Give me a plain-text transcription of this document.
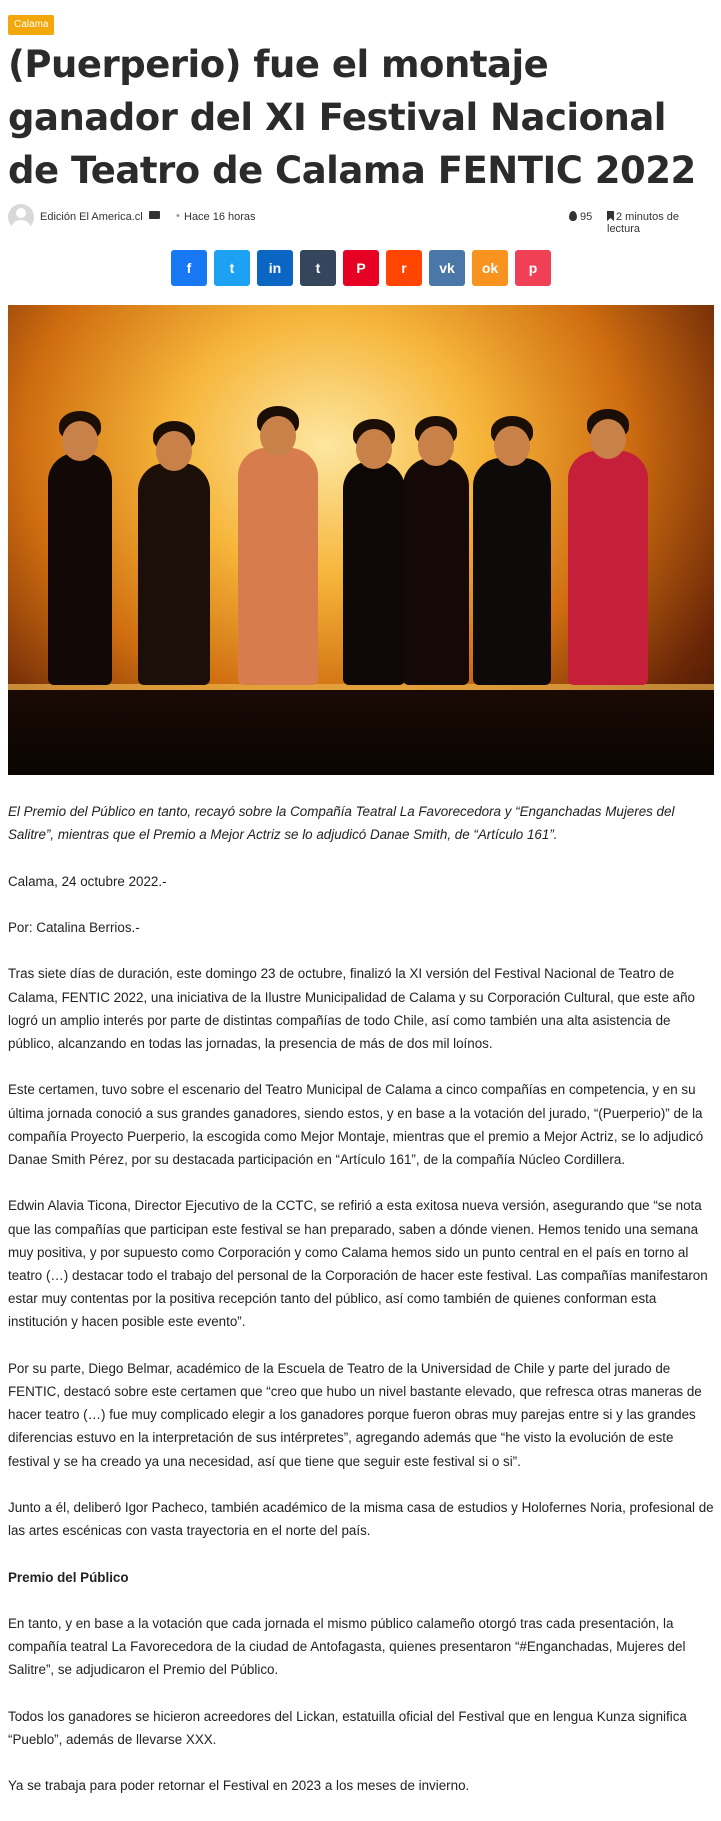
Calama
(Puerperio) fue el montaje ganador del XI Festival Nacional de Teatro de Calama FENTIC 2022
Edición El America.cl	• Hace 16 horas	95	2 minutos de lectura
f	t in t	P	r vk ok p

El Premio del Público en tanto, recayó sobre la Compañía Teatral La Favorecedora y “Enganchadas Mujeres del Salitre”, mientras que el Premio a Mejor Actriz se lo adjudicó Danae Smith, de “Artículo 161”.

Calama, 24 octubre 2022.-

Por: Catalina Berrios.-

Tras siete días de duración, este domingo 23 de octubre, finalizó la XI versión del Festival Nacional de Teatro de Calama, FENTIC 2022, una iniciativa de la Ilustre Municipalidad de Calama y su Corporación Cultural, que este año logró un amplio interés por parte de distintas compañías de todo Chile, así como también una alta asistencia de público, alcanzando en todas las jornadas, la presencia de más de dos mil loínos.

Este certamen, tuvo sobre el escenario del Teatro Municipal de Calama a cinco compañías en competencia, y en su última jornada conoció a sus grandes ganadores, siendo estos, y en base a la votación del jurado, “(Puerperio)” de la compañía Proyecto Puerperio, la escogida como Mejor Montaje, mientras que el premio a Mejor Actriz, se lo adjudicó Danae Smith Pérez, por su destacada participación en “Artículo 161”, de la compañía Núcleo Cordillera.

Edwin Alavia Ticona, Director Ejecutivo de la CCTC, se refirió a esta exitosa nueva versión, asegurando que “se nota que las compañías que participan este festival se han preparado, saben a dónde vienen. Hemos tenido una semana muy positiva, y por supuesto como Corporación y como Calama hemos sido un punto central en el país en torno al teatro (…) destacar todo el trabajo del personal de la Corporación de hacer este festival. Las compañías manifestaron estar muy contentas por la positiva recepción tanto del público, así como también de quienes conforman esta institución y hacen posible este evento”.

Por su parte, Diego Belmar, académico de la Escuela de Teatro de la Universidad de Chile y parte del jurado de FENTIC, destacó sobre este certamen que “creo que hubo un nivel bastante elevado, que refresca otras maneras de hacer teatro (…) fue muy complicado elegir a los ganadores porque fueron obras muy parejas entre si y las grandes diferencias estuvo en la interpretación de sus intérpretes”, agregando además que “he visto la evolución de este festival y se ha creado ya una necesidad, así que tiene que seguir este festival si o si”.

Junto a él, deliberó Igor Pacheco, también académico de la misma casa de estudios y Holofernes Noria, profesional de las artes escénicas con vasta trayectoria en el norte del país.

Premio del Público

En tanto, y en base a la votación que cada jornada el mismo público calameño otorgó tras cada presentación, la compañía teatral La Favorecedora de la ciudad de Antofagasta, quienes presentaron “#Enganchadas, Mujeres del Salitre”, se adjudicaron el Premio del Público.

Todos los ganadores se hicieron acreedores del Lickan, estatuilla oficial del Festival que en lengua Kunza significa “Pueblo”, además de llevarse XXX.

Ya se trabaja para poder retornar el Festival en 2023 a los meses de invierno.
